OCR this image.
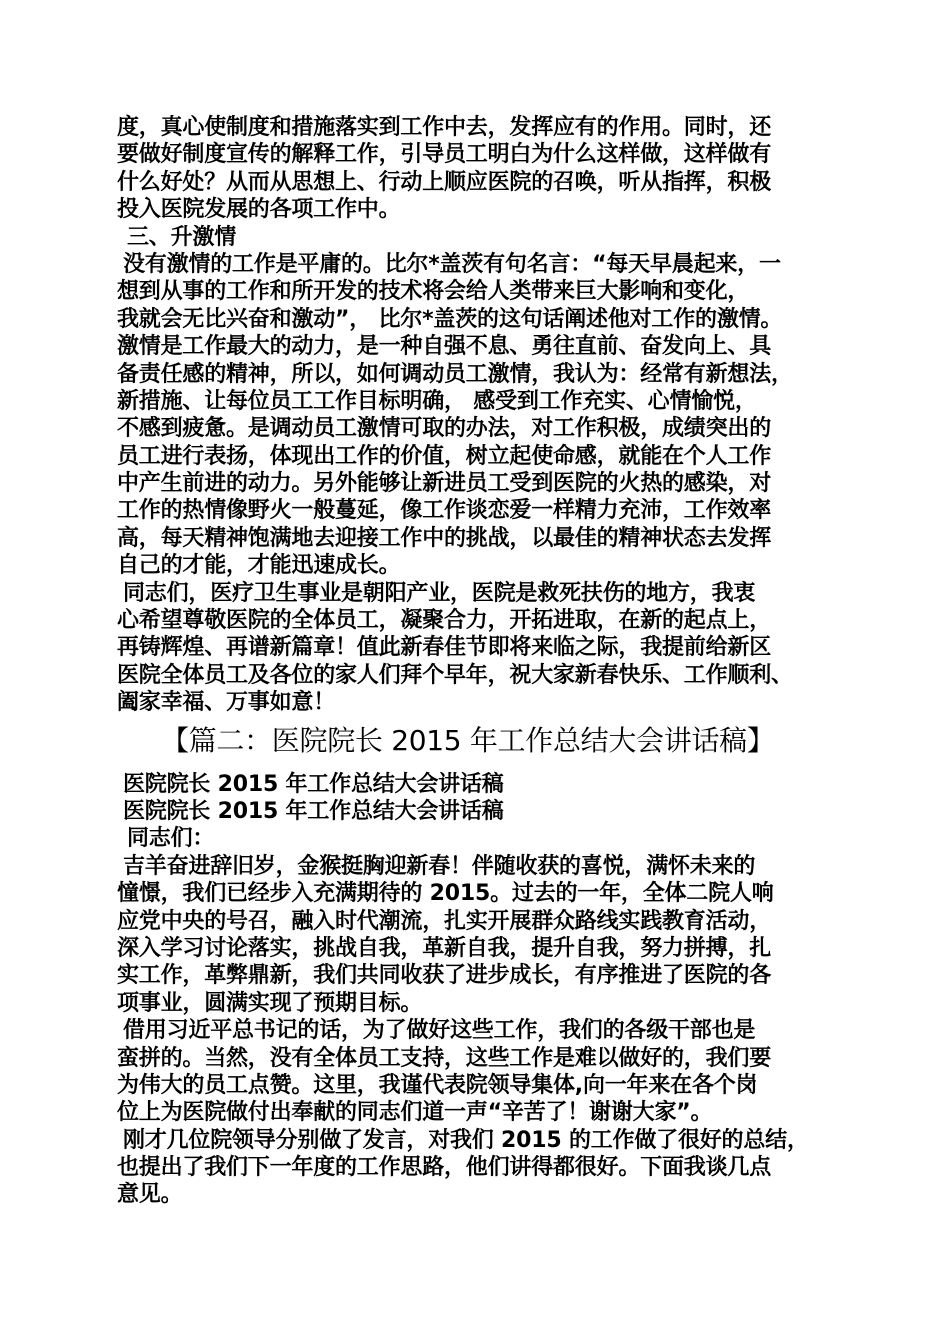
度，真心使制度和措施落实到工作中去，发挥应有的作用。同时，还
要做好制度宣传的解释工作，引导员工明白为什么这样做，这样做有
什么好处？从而从思想上、行动上顺应医院的召唤，听从指挥，积极
投入医院发展的各项工作中。
三、升激情
没有激情的工作是平庸的。比尔*盖茨有句名言：“每天早晨起来，一
想到从事的工作和所开发的技术将会给人类带来巨大影响和变化，
我就会无比兴奋和激动”， 比尔*盖茨的这句话阐述他对工作的激情。
激情是工作最大的动力，是一种自强不息、勇往直前、奋发向上、具
备责任感的精神，所以，如何调动员工激情，我认为：经常有新想法，
新措施、让每位员工工作目标明确， 感受到工作充实、心情愉悦，
不感到疲惫。是调动员工激情可取的办法，对工作积极，成绩突出的
员工进行表扬，体现出工作的价值，树立起使命感，就能在个人工作
中产生前进的动力。另外能够让新进员工受到医院的火热的感染，对
工作的热情像野火一般蔓延，像工作谈恋爱一样精力充沛，工作效率
高，每天精神饱满地去迎接工作中的挑战，以最佳的精神状态去发挥
自己的才能，才能迅速成长。
同志们，医疗卫生事业是朝阳产业，医院是救死扶伤的地方，我衷
心希望尊敬医院的全体员工，凝聚合力，开拓进取，在新的起点上，
再铸辉煌、再谱新篇章！值此新春佳节即将来临之际，我提前给新区
医院全体员工及各位的家人们拜个早年，祝大家新春快乐、工作顺利、
阖家幸福、万事如意！
【篇二：医院院长 2015 年工作总结大会讲话稿】
医院院长 2015 年工作总结大会讲话稿
医院院长 2015 年工作总结大会讲话稿
同志们：
吉羊奋进辞旧岁，金猴挺胸迎新春！伴随收获的喜悦，满怀未来的
憧憬，我们已经步入充满期待的 2015。过去的一年，全体二院人响
应党中央的号召，融入时代潮流，扎实开展群众路线实践教育活动，
深入学习讨论落实，挑战自我，革新自我，提升自我，努力拼搏，扎
实工作，革弊鼎新，我们共同收获了进步成长，有序推进了医院的各
项事业，圆满实现了预期目标。
借用习近平总书记的话，为了做好这些工作，我们的各级干部也是
蛮拼的。当然，没有全体员工支持，这些工作是难以做好的，我们要
为伟大的员工点赞。这里，我谨代表院领导集体,向一年来在各个岗
位上为医院做付出奉献的同志们道一声“辛苦了！谢谢大家”。
刚才几位院领导分别做了发言，对我们 2015 的工作做了很好的总结，
也提出了我们下一年度的工作思路，他们讲得都很好。下面我谈几点
意见。
